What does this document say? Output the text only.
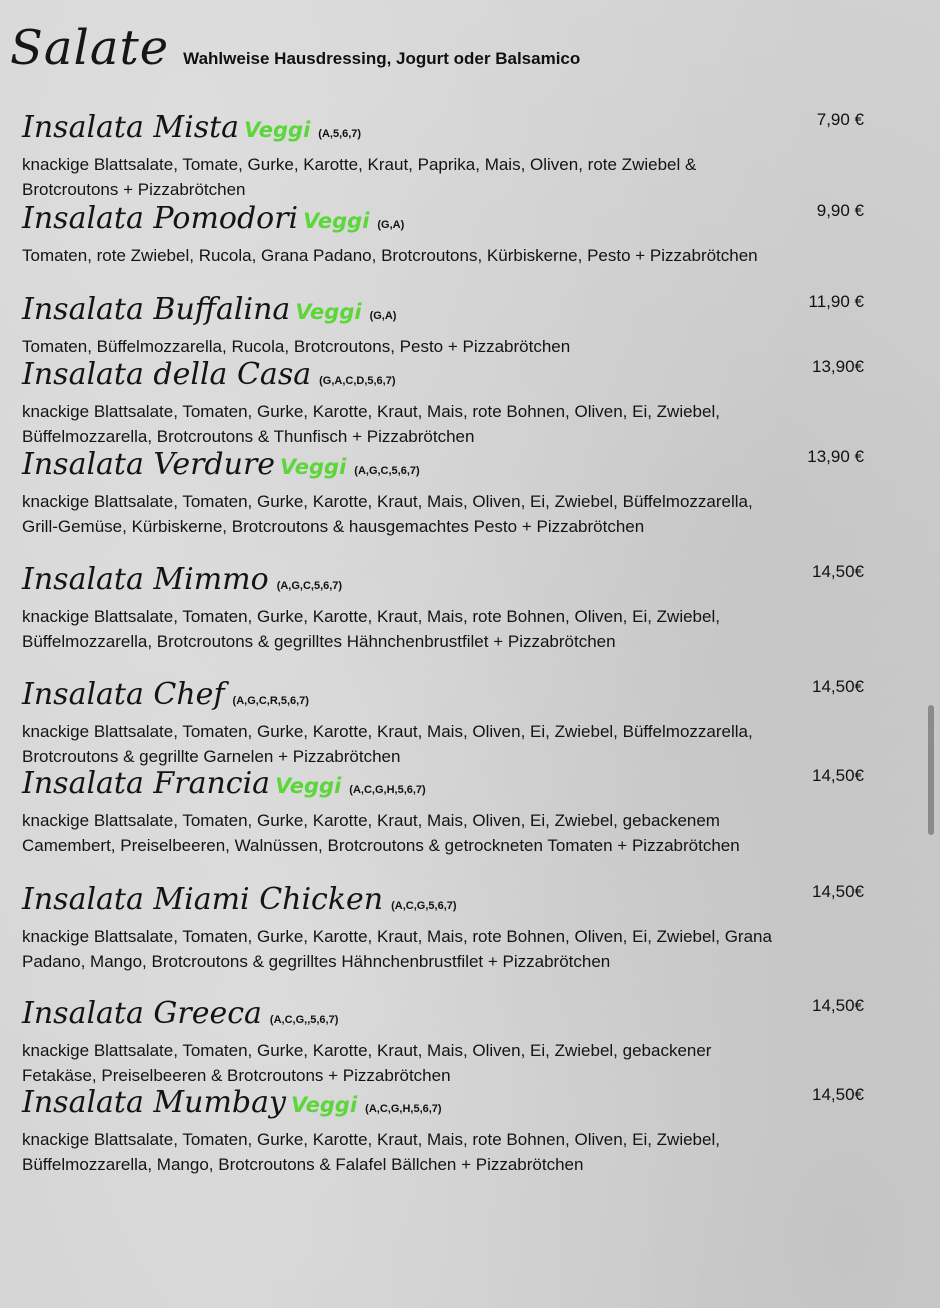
Salate Wahlweise Hausdressing, Jogurt oder Balsamico
Insalata Mista Veggi (A,5,6,7)
7,90 €
knackige Blattsalate, Tomate, Gurke, Karotte, Kraut, Paprika, Mais, Oliven, rote Zwiebel & Brotcroutons + Pizzabrötchen
Insalata Pomodori Veggi (G,A)
9,90 €
Tomaten, rote Zwiebel, Rucola, Grana Padano, Brotcroutons, Kürbiskerne, Pesto + Pizzabrötchen
Insalata Buffalina Veggi (G,A)
11,90 €
Tomaten, Büffelmozzarella, Rucola, Brotcroutons, Pesto + Pizzabrötchen
Insalata della Casa (G,A,C,D,5,6,7)
13,90€
knackige Blattsalate, Tomaten, Gurke, Karotte, Kraut, Mais, rote Bohnen, Oliven, Ei, Zwiebel, Büffelmozzarella, Brotcroutons & Thunfisch + Pizzabrötchen
Insalata Verdure Veggi (A,G,C,5,6,7)
13,90 €
knackige Blattsalate, Tomaten, Gurke, Karotte, Kraut, Mais, Oliven, Ei, Zwiebel, Büffelmozzarella, Grill-Gemüse, Kürbiskerne, Brotcroutons & hausgemachtes Pesto + Pizzabrötchen
Insalata Mimmo (A,G,C,5,6,7)
14,50€
knackige Blattsalate, Tomaten, Gurke, Karotte, Kraut, Mais, rote Bohnen, Oliven, Ei, Zwiebel, Büffelmozzarella, Brotcroutons & gegrilltes Hähnchenbrustfilet + Pizzabrötchen
Insalata Chef (A,G,C,R,5,6,7)
14,50€
knackige Blattsalate, Tomaten, Gurke, Karotte, Kraut, Mais, Oliven, Ei, Zwiebel, Büffelmozzarella, Brotcroutons & gegrillte Garnelen + Pizzabrötchen
Insalata Francia Veggi (A,C,G,H,5,6,7)
14,50€
knackige Blattsalate, Tomaten, Gurke, Karotte, Kraut, Mais, Oliven, Ei, Zwiebel, gebackenem Camembert, Preiselbeeren, Walnüssen, Brotcroutons & getrockneten Tomaten + Pizzabrötchen
Insalata Miami Chicken (A,C,G,5,6,7)
14,50€
knackige Blattsalate, Tomaten, Gurke, Karotte, Kraut, Mais, rote Bohnen, Oliven, Ei, Zwiebel, Grana Padano, Mango, Brotcroutons & gegrilltes Hähnchenbrustfilet + Pizzabrötchen
Insalata Greeca (A,C,G,,5,6,7)
14,50€
knackige Blattsalate, Tomaten, Gurke, Karotte, Kraut, Mais, Oliven, Ei, Zwiebel, gebackener Fetakäse, Preiselbeeren & Brotcroutons + Pizzabrötchen
Insalata Mumbay Veggi (A,C,G,H,5,6,7)
14,50€
knackige Blattsalate, Tomaten, Gurke, Karotte, Kraut, Mais, rote Bohnen, Oliven, Ei, Zwiebel, Büffelmozzarella, Mango, Brotcroutons & Falafel Bällchen + Pizzabrötchen
